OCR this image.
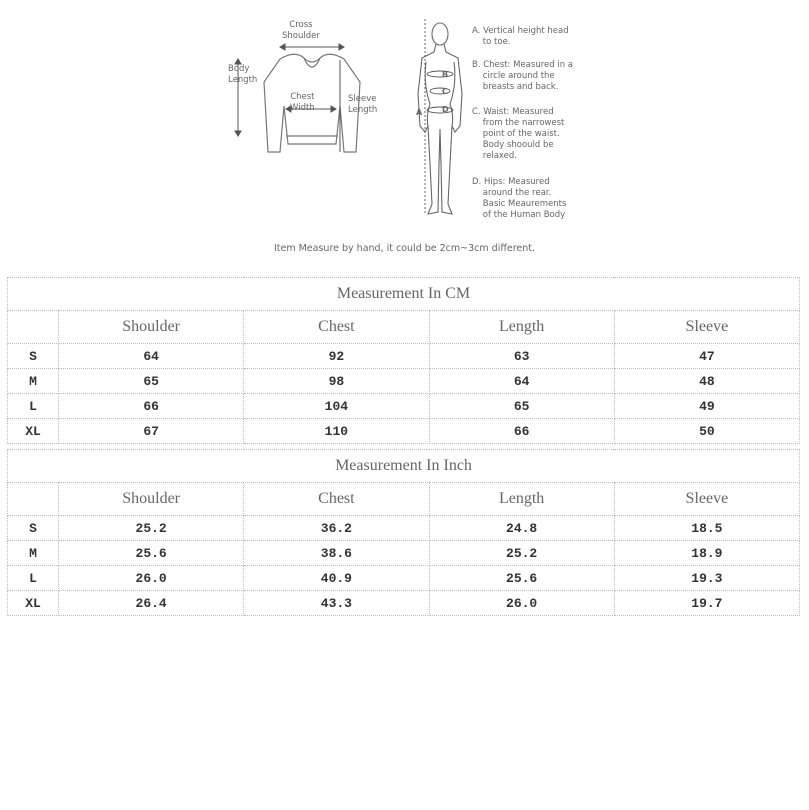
Cross
Shoulder
Body
Length
Chest
Width
Sleeve
Length
B
C
D
A
A. Vertical height head
to toe.
B. Chest: Measured in a
circle around the
breasts and back.
C. Waist: Measured
from the narrowest
point of the waist.
Body shoould be
relaxed.
D. Hips: Measured
around the rear.
Basic Meaurements
of the Human Body
Item Measure by hand, it could be 2cm~3cm different.
Measurement In CM				
	Shoulder	Chest	Length	Sleeve
S	64	92	63	47
M	65	98	64	48
L	66	104	65	49
XL	67	110	66	50
Measurement In Inch				
	Shoulder	Chest	Length	Sleeve
S	25.2	36.2	24.8	18.5
M	25.6	38.6	25.2	18.9
L	26.0	40.9	25.6	19.3
XL	26.4	43.3	26.0	19.7
